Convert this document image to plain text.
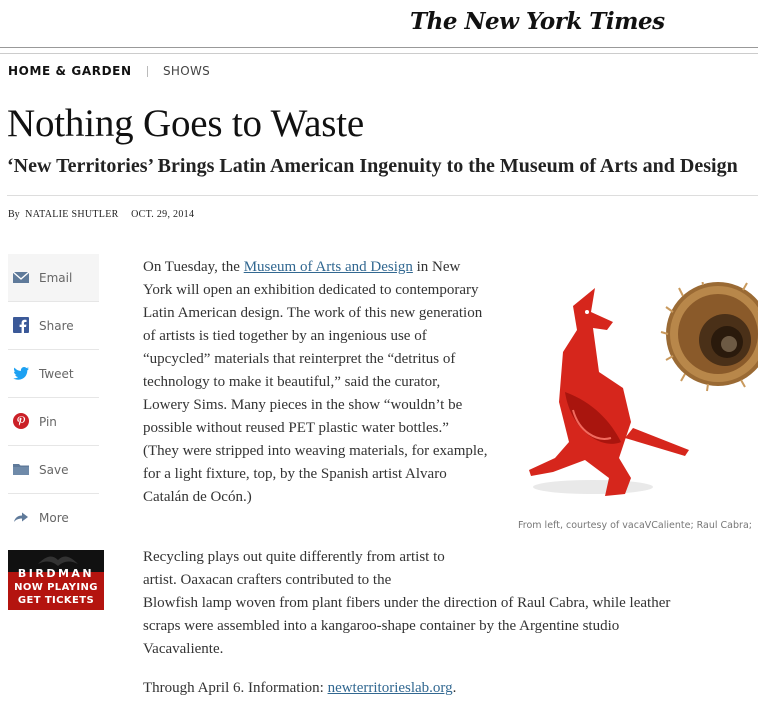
The New York Times
HOME & GARDEN	SHOWS
Nothing Goes to Waste
‘New Territories’ Brings Latin American Ingenuity to the Museum of Arts and Design
By NATALIE SHUTLER OCT. 29, 2014
Email
Share
Tweet
Pin
Save
More
BIRDMAN
NOW PLAYING
GET TICKETS

On Tuesday, the Museum of Arts and Design in New York will open an exhibition dedicated to contemporary Latin American design. The work of this new generation of artists is tied together by an ingenious use of “upcycled” materials that reinterpret the “detritus of technology to make it beautiful,” said the curator, Lowery Sims. Many pieces in the show “wouldn’t be possible without reused PET plastic water bottles.” (They were stripped into weaving materials, for example, for a light fixture, top, by the Spanish artist Alvaro Catalán de Ocón.)

Recycling plays out quite differently from artist to artist. Oaxacan crafters contributed to the
Blowfish lamp woven from plant fibers under the direction of Raul Cabra, while leather scraps were assembled into a kangaroo-shape container by the Argentine studio Vacavaliente.

Through April 6. Information: newterritorieslab.org.

From left, courtesy of vacaVCaliente; Raul Cabra;
